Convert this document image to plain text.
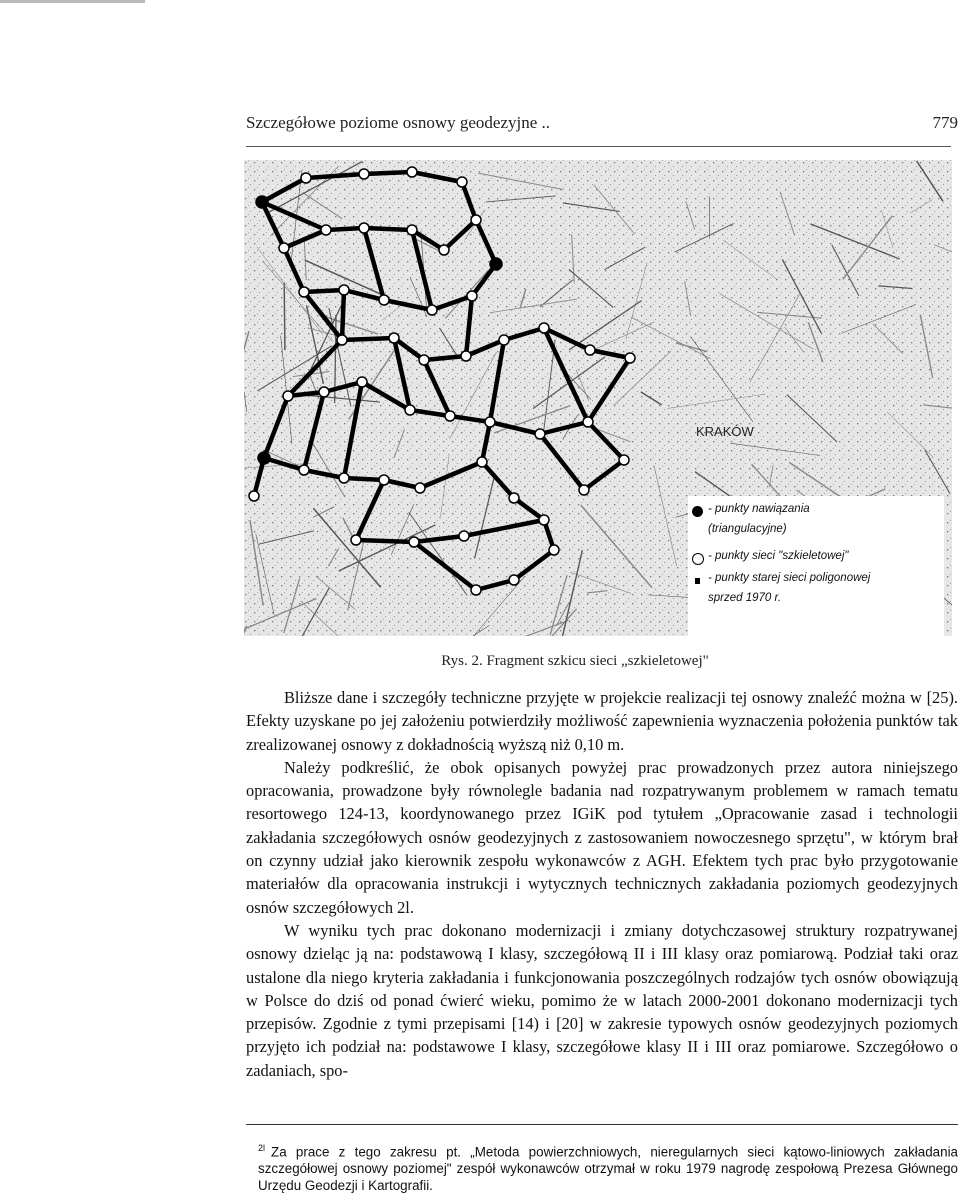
Szczegółowe poziome osnowy geodezyjne ..	779
KRAKÓW
- punkty nawiązania
(triangulacyjne)
- punkty sieci "szkieletowej"
- punkty starej sieci poligonowej
sprzed 1970 r.
Rys. 2. Fragment szkicu sieci „szkieletowej"

Bliższe dane i szczegóły techniczne przyjęte w projekcie realizacji tej osnowy znaleźć można w [25). Efekty uzyskane po jej założeniu potwierdziły możliwość zapewnienia wyznaczenia położenia punktów tak zrealizowanej osnowy z dokładnością wyższą niż 0,10 m.

Należy podkreślić, że obok opisanych powyżej prac prowadzonych przez autora niniejszego opracowania, prowadzone były równolegle badania nad rozpatrywanym problemem w ramach tematu resortowego 124-13, koordynowanego przez IGiK pod tytułem „Opracowanie zasad i technologii zakładania szczegółowych osnów geodezyjnych z zastosowaniem nowoczesnego sprzętu", w którym brał on czynny udział jako kierownik zespołu wykonawców z AGH. Efektem tych prac było przygotowanie materiałów dla opracowania instrukcji i wytycznych technicznych zakładania poziomych geodezyjnych osnów szczegółowych 2l.

W wyniku tych prac dokonano modernizacji i zmiany dotychczasowej struktury rozpatrywanej osnowy dzieląc ją na: podstawową I klasy, szczegółową II i III klasy oraz pomiarową. Podział taki oraz ustalone dla niego kryteria zakładania i funkcjonowania poszczególnych rodzajów tych osnów obowiązują w Polsce do dziś od ponad ćwierć wieku, pomimo że w latach 2000-2001 dokonano modernizacji tych przepisów. Zgodnie z tymi przepisami [14) i [20] w zakresie typowych osnów geodezyjnych poziomych przyjęto ich podział na: podstawowe I klasy, szczegółowe klasy II i III oraz pomiarowe. Szczegółowo o zadaniach, spo-

$^{2l}$ Za prace z tego zakresu pt. „Metoda powierzchniowych, nieregularnych sieci kątowo-liniowych zakładania szczegółowej osnowy poziomej" zespół wykonawców otrzymał w roku 1979 nagrodę zespołową Prezesa Głównego Urzędu Geodezji i Kartografii.
